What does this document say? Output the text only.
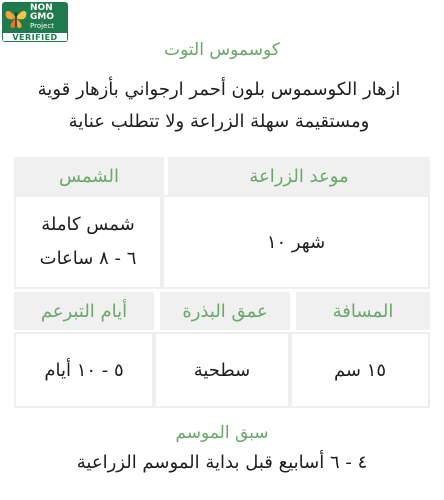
NON
GMO
Project
VERIFIED
كوسموس التوت
ازهار الكوسموس بلون أحمر ارجواني بأزهار قوية ومستقيمة سهلة الزراعة ولا تتطلب عناية
موعد الزراعة
الشمس
شهر ١٠
شمس كاملة
٦ - ٨ ساعات
المسافة
عمق البذرة
أيام التبرعم
١٥ سم
سطحية
٥ - ١٠ أيام
سبق الموسم
٤ - ٦ أسابيع قبل بداية الموسم الزراعية
